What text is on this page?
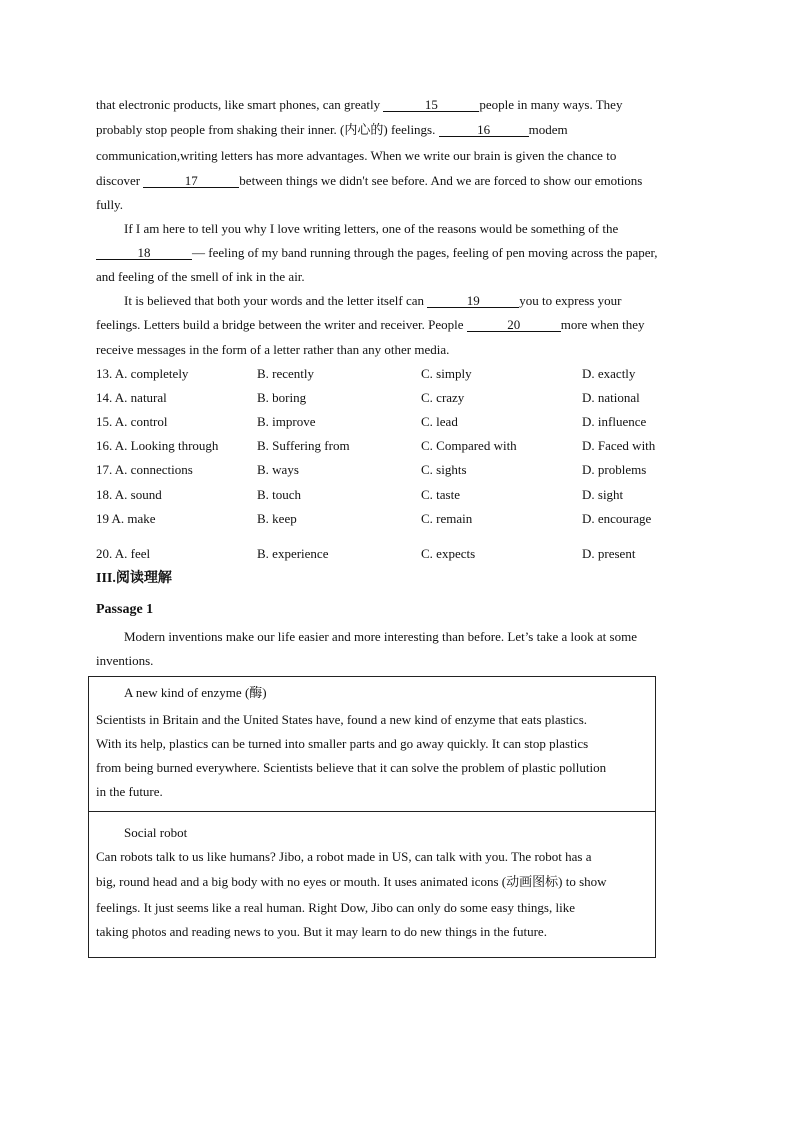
that electronic products, like smart phones, can greatly	15	people in many ways. They
probably stop people from shaking their inner. (内心的) feelings.	16	modem
communication,writing letters has more advantages. When we write our brain is given the chance to
discover	17	between things we didn't see before. And we are forced to show our emotions
fully.
If I am here to tell you why I love writing letters, one of the reasons would be something of the
18	— feeling of my band running through the pages, feeling of pen moving across the paper,
and feeling of the smell of ink in the air.
It is believed that both your words and the letter itself can	19	you to express your
feelings. Letters build a bridge between the writer and receiver. People	20	more when they
receive messages in the form of a letter rather than any other media.
13. A. completely	B. recently	C. simply	D. exactly
14. A. natural	B. boring	C. crazy	D. national
15. A. control	B. improve	C. lead	D. influence
16. A. Looking through	B. Suffering from	C. Compared with	D. Faced with
17. A. connections	B. ways	C. sights	D. problems
18. A. sound	B. touch	C. taste	D. sight
19 A. make	B. keep	C. remain	D. encourage
20. A. feel	B. experience	C. expects	D. present
III.阅读理解
Passage 1
Modern inventions make our life easier and more interesting than before. Let’s take a look at some
inventions.
A new kind of enzyme (酶)
Scientists in Britain and the United States have, found a new kind of enzyme that eats plastics.
With its help, plastics can be turned into smaller parts and go away quickly. It can stop plastics
from being burned everywhere. Scientists believe that it can solve the problem of plastic pollution
in the future.
Social robot
Can robots talk to us like humans? Jibo, a robot made in US, can talk with you. The robot has a
big, round head and a big body with no eyes or mouth. It uses animated icons (动画图标) to show
feelings. It just seems like a real human. Right Dow, Jibo can only do some easy things, like
taking photos and reading news to you. But it may learn to do new things in the future.
